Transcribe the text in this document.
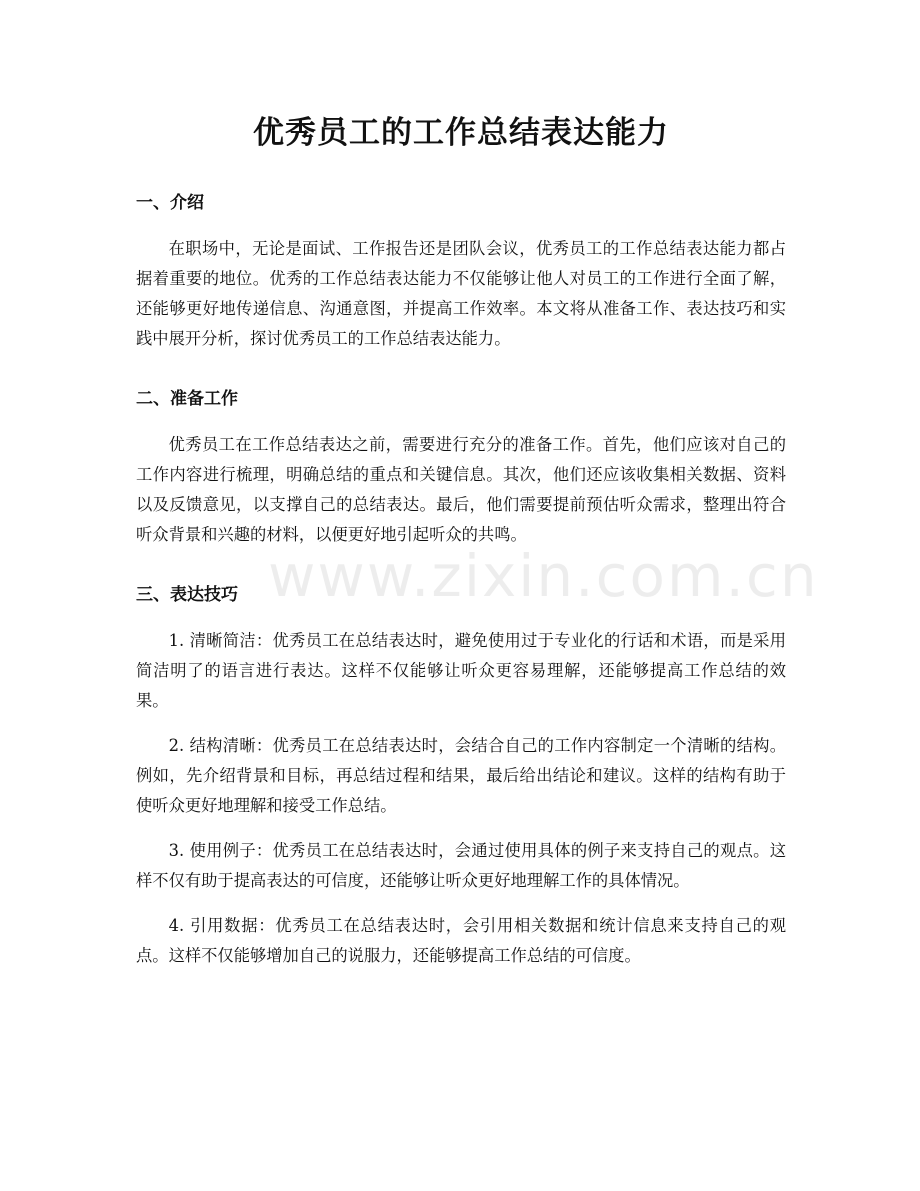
优秀员工的工作总结表达能力
一、介绍

在职场中，无论是面试、工作报告还是团队会议，优秀员工的工作总结表达能力都占据着重要的地位。优秀的工作总结表达能力不仅能够让他人对员工的工作进行全面了解，还能够更好地传递信息、沟通意图，并提高工作效率。本文将从准备工作、表达技巧和实践中展开分析，探讨优秀员工的工作总结表达能力。

二、准备工作

优秀员工在工作总结表达之前，需要进行充分的准备工作。首先，他们应该对自己的工作内容进行梳理，明确总结的重点和关键信息。其次，他们还应该收集相关数据、资料以及反馈意见，以支撑自己的总结表达。最后，他们需要提前预估听众需求，整理出符合听众背景和兴趣的材料，以便更好地引起听众的共鸣。

三、表达技巧

1. 清晰简洁：优秀员工在总结表达时，避免使用过于专业化的行话和术语，而是采用简洁明了的语言进行表达。这样不仅能够让听众更容易理解，还能够提高工作总结的效果。

2. 结构清晰：优秀员工在总结表达时，会结合自己的工作内容制定一个清晰的结构。例如，先介绍背景和目标，再总结过程和结果，最后给出结论和建议。这样的结构有助于使听众更好地理解和接受工作总结。

3. 使用例子：优秀员工在总结表达时，会通过使用具体的例子来支持自己的观点。这样不仅有助于提高表达的可信度，还能够让听众更好地理解工作的具体情况。

4. 引用数据：优秀员工在总结表达时，会引用相关数据和统计信息来支持自己的观点。这样不仅能够增加自己的说服力，还能够提高工作总结的可信度。

www.zixin.com.cn
